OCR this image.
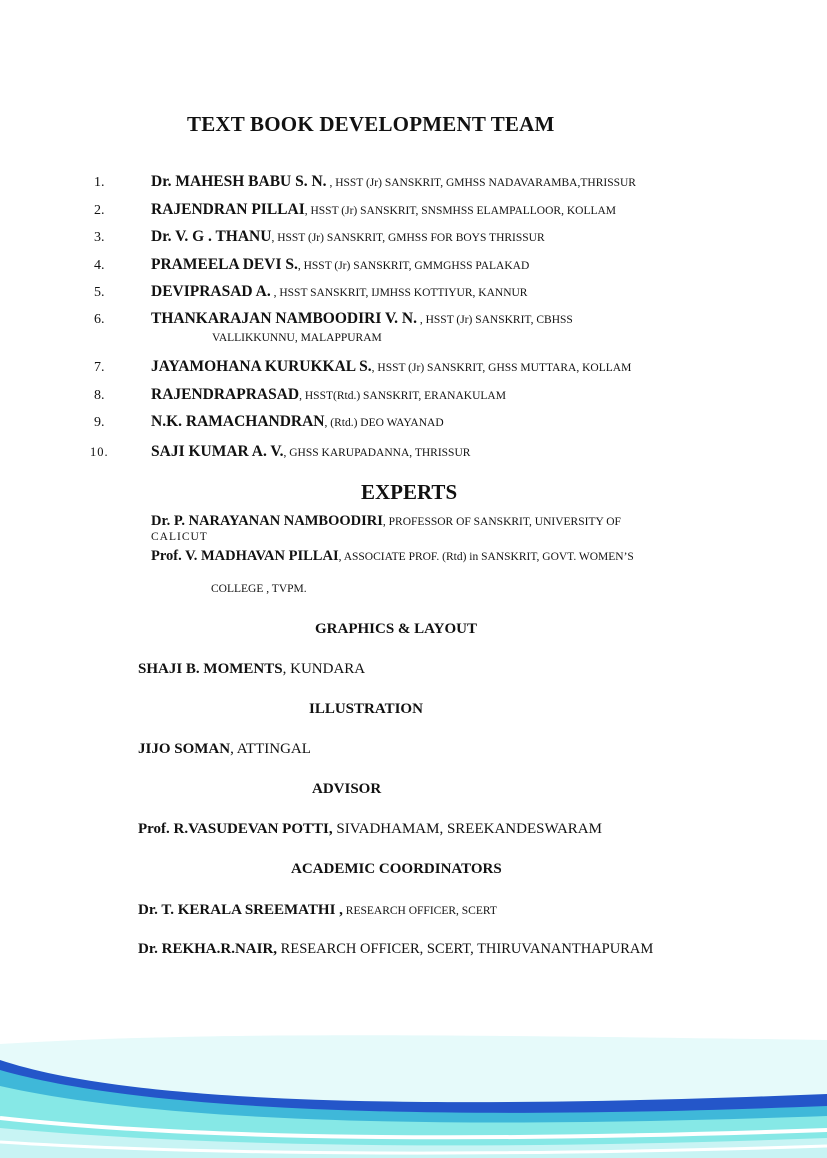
TEXT BOOK DEVELOPMENT TEAM
1.	Dr. MAHESH BABU S. N. , HSST (Jr) SANSKRIT, GMHSS NADAVARAMBA,THRISSUR
2.	RAJENDRAN PILLAI, HSST (Jr) SANSKRIT, SNSMHSS ELAMPALLOOR, KOLLAM
3.	Dr. V. G . THANU, HSST (Jr) SANSKRIT, GMHSS FOR BOYS THRISSUR
4.	PRAMEELA DEVI S., HSST (Jr) SANSKRIT, GMMGHSS PALAKAD
5.	DEVIPRASAD A. , HSST SANSKRIT, IJMHSS KOTTIYUR, KANNUR
6.	THANKARAJAN NAMBOODIRI V. N. , HSST (Jr) SANSKRIT, CBHSS
VALLIKKUNNU, MALAPPURAM
7.	JAYAMOHANA KURUKKAL S., HSST (Jr) SANSKRIT, GHSS MUTTARA, KOLLAM
8.	RAJENDRAPRASAD, HSST(Rtd.) SANSKRIT, ERANAKULAM
9.	N.K. RAMACHANDRAN, (Rtd.) DEO WAYANAD
10.	SAJI KUMAR A. V., GHSS KARUPADANNA, THRISSUR
EXPERTS
Dr. P. NARAYANAN NAMBOODIRI, PROFESSOR OF SANSKRIT, UNIVERSITY OF
CALICUT
Prof. V. MADHAVAN PILLAI, ASSOCIATE PROF. (Rtd) in SANSKRIT, GOVT. WOMEN’S
COLLEGE , TVPM.
GRAPHICS & LAYOUT
SHAJI B. MOMENTS, KUNDARA
ILLUSTRATION
JIJO SOMAN, ATTINGAL
ADVISOR
Prof. R.VASUDEVAN POTTI, SIVADHAMAM, SREEKANDESWARAM
ACADEMIC COORDINATORS
Dr. T. KERALA SREEMATHI , RESEARCH OFFICER, SCERT
Dr. REKHA.R.NAIR, RESEARCH OFFICER, SCERT, THIRUVANANTHAPURAM
